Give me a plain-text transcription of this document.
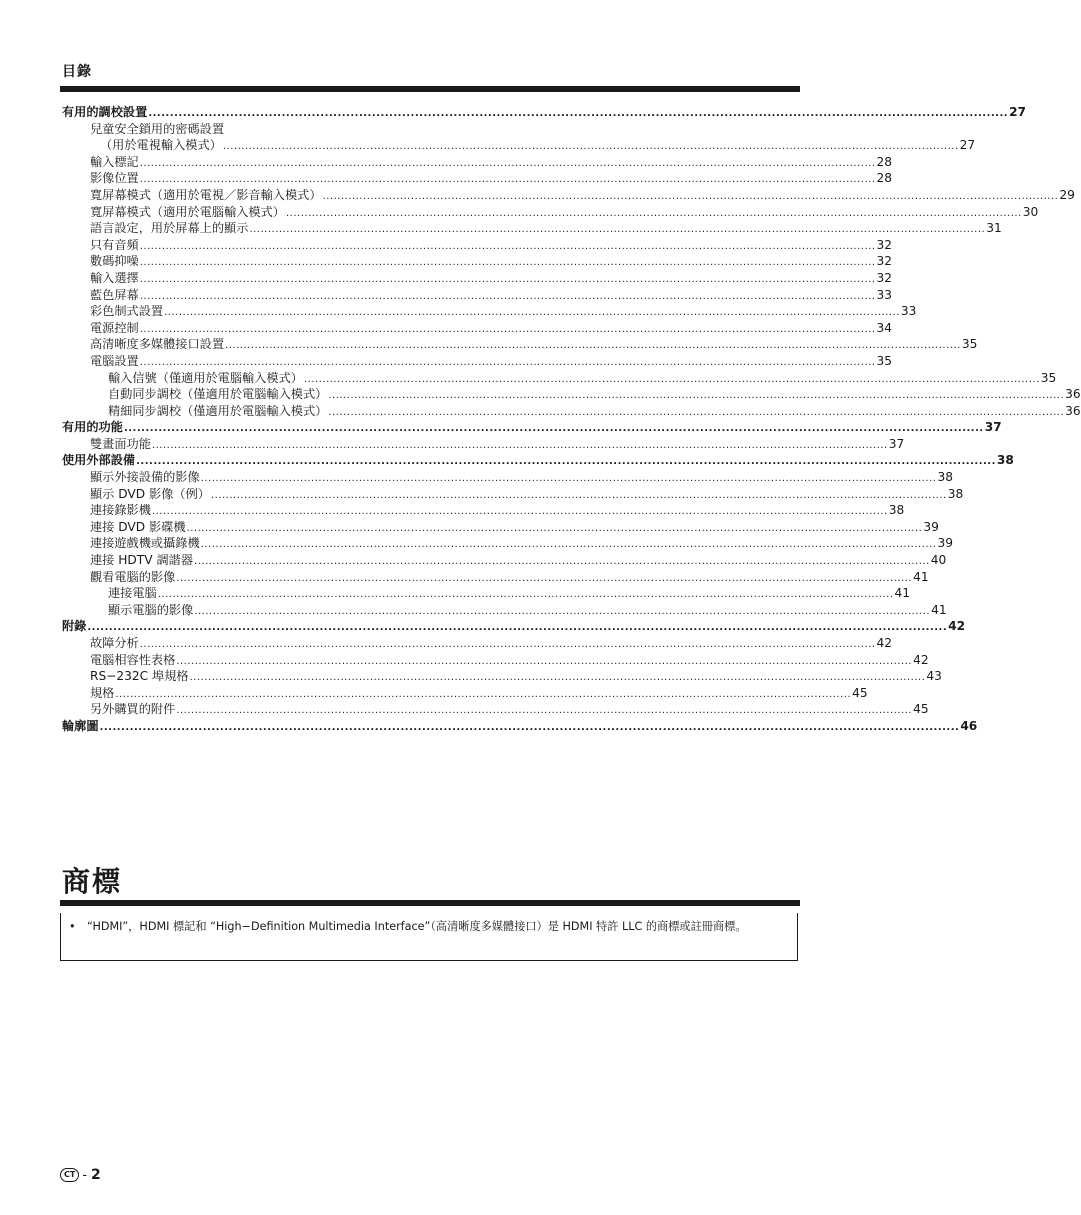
目錄
有用的調校設置 ........................................................................................................................................................................................................ 27
兒童安全鎖用的密碼設置
（用於電視輸入模式） ........................................................................................................................................................................................................ 27
輸入標記 ........................................................................................................................................................................................................ 28
影像位置 ........................................................................................................................................................................................................ 28
寬屏幕模式（適用於電視／影音輸入模式） ........................................................................................................................................................................................................ 29
寬屏幕模式（適用於電腦輸入模式） ........................................................................................................................................................................................................ 30
語言設定，用於屏幕上的顯示 ........................................................................................................................................................................................................ 31
只有音頻 ........................................................................................................................................................................................................ 32
數碼抑噪 ........................................................................................................................................................................................................ 32
輸入選擇 ........................................................................................................................................................................................................ 32
藍色屏幕 ........................................................................................................................................................................................................ 33
彩色制式設置 ........................................................................................................................................................................................................ 33
電源控制 ........................................................................................................................................................................................................ 34
高清晰度多媒體接口設置 ........................................................................................................................................................................................................ 35
電腦設置 ........................................................................................................................................................................................................ 35
輸入信號（僅適用於電腦輸入模式） ........................................................................................................................................................................................................ 35
自動同步調校（僅適用於電腦輸入模式） ........................................................................................................................................................................................................ 36
精細同步調校（僅適用於電腦輸入模式） ........................................................................................................................................................................................................ 36
有用的功能 ........................................................................................................................................................................................................ 37
雙畫面功能 ........................................................................................................................................................................................................ 37
使用外部設備 ........................................................................................................................................................................................................ 38
顯示外接設備的影像 ........................................................................................................................................................................................................ 38
顯示 DVD 影像（例） ........................................................................................................................................................................................................ 38
連接錄影機 ........................................................................................................................................................................................................ 38
連接 DVD 影碟機 ........................................................................................................................................................................................................ 39
連接遊戲機或攝錄機 ........................................................................................................................................................................................................ 39
連接 HDTV 調諧器 ........................................................................................................................................................................................................ 40
觀看電腦的影像 ........................................................................................................................................................................................................ 41
連接電腦 ........................................................................................................................................................................................................ 41
顯示電腦的影像 ........................................................................................................................................................................................................ 41
附錄 ........................................................................................................................................................................................................ 42
故障分析 ........................................................................................................................................................................................................ 42
電腦相容性表格 ........................................................................................................................................................................................................ 42
RS−232C 埠規格 ........................................................................................................................................................................................................ 43
規格 ........................................................................................................................................................................................................ 45
另外購買的附件 ........................................................................................................................................................................................................ 45
輪廓圖 ........................................................................................................................................................................................................ 46
商標
• “HDMI”，HDMI 標記和 “High−Definition Multimedia Interface”（高清晰度多媒體接口）是 HDMI 特許 LLC 的商標或註冊商標。
CT - 2
